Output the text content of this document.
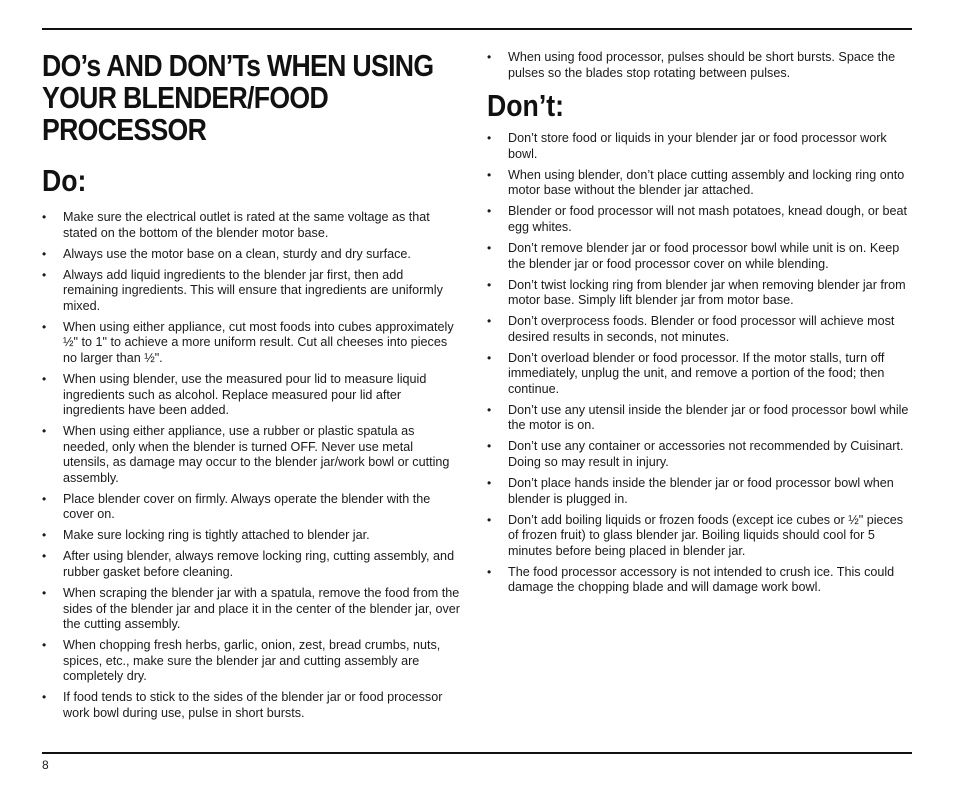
DO’s AND DON’Ts WHEN USING YOUR BLENDER/FOOD PROCESSOR
Do:
• Make sure the electrical outlet is rated at the same voltage as that stated on the bottom of the blender motor base.
• Always use the motor base on a clean, sturdy and dry surface.
• Always add liquid ingredients to the blender jar first, then add remaining ingredients. This will ensure that ingredients are uniformly mixed.
• When using either appliance, cut most foods into cubes approximately ½" to 1" to achieve a more uniform result. Cut all cheeses into pieces no larger than ½".
• When using blender, use the measured pour lid to measure liquid ingredients such as alcohol. Replace measured pour lid after ingredients have been added.
• When using either appliance, use a rubber or plastic spatula as needed, only when the blender is turned OFF. Never use metal utensils, as damage may occur to the blender jar/work bowl or cutting assembly.
• Place blender cover on firmly. Always operate the blender with the cover on.
• Make sure locking ring is tightly attached to blender jar.
• After using blender, always remove locking ring, cutting assembly, and rubber gasket before cleaning.
• When scraping the blender jar with a spatula, remove the food from the sides of the blender jar and place it in the center of the blender jar, over the cutting assembly.
• When chopping fresh herbs, garlic, onion, zest, bread crumbs, nuts, spices, etc., make sure the blender jar and cutting assembly are completely dry.
• If food tends to stick to the sides of the blender jar or food processor work bowl during use, pulse in short bursts.
• When using food processor, pulses should be short bursts. Space the pulses so the blades stop rotating between pulses.
Don’t:
• Don’t store food or liquids in your blender jar or food processor work bowl.
• When using blender, don’t place cutting assembly and locking ring onto motor base without the blender jar attached.
• Blender or food processor will not mash potatoes, knead dough, or beat egg whites.
• Don’t remove blender jar or food processor bowl while unit is on. Keep the blender jar or food processor cover on while blending.
• Don’t twist locking ring from blender jar when removing blender jar from motor base. Simply lift blender jar from motor base.
• Don’t overprocess foods. Blender or food processor will achieve most desired results in seconds, not minutes.
• Don’t overload blender or food processor. If the motor stalls, turn off immediately, unplug the unit, and remove a portion of the food; then continue.
• Don’t use any utensil inside the blender jar or food processor bowl while the motor is on.
• Don’t use any container or accessories not recommended by Cuisinart. Doing so may result in injury.
• Don’t place hands inside the blender jar or food processor bowl when blender is plugged in.
• Don’t add boiling liquids or frozen foods (except ice cubes or ½" pieces of frozen fruit) to glass blender jar. Boiling liquids should cool for 5 minutes before being placed in blender jar.
• The food processor accessory is not intended to crush ice. This could damage the chopping blade and will damage work bowl.
8
